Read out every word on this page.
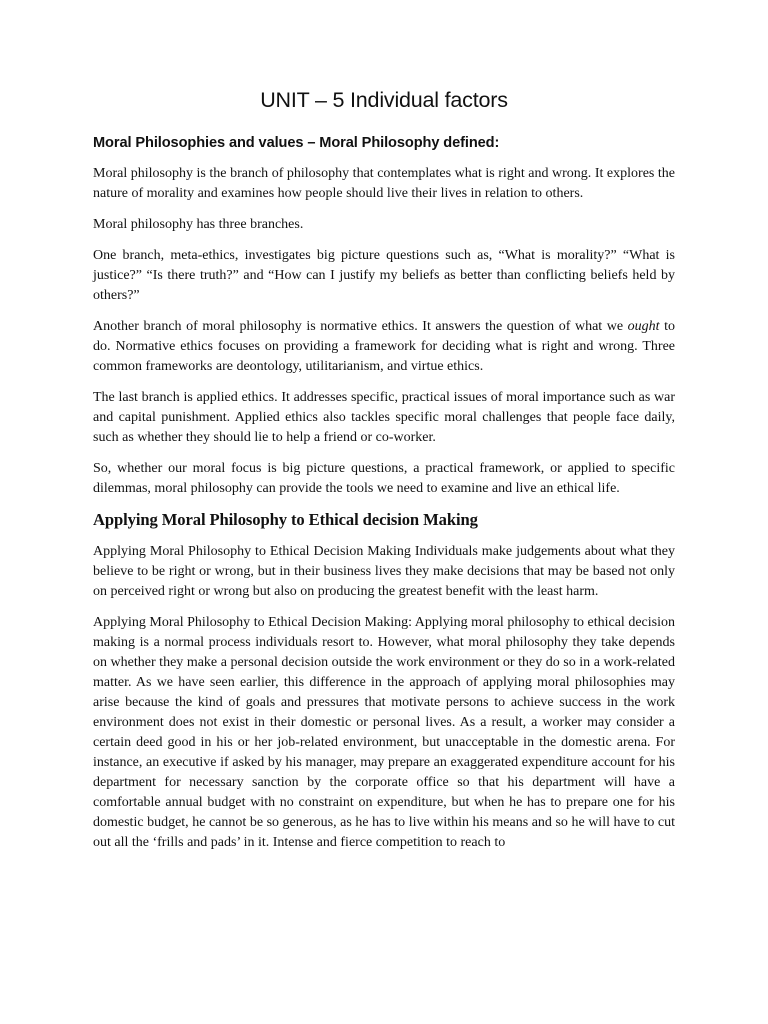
UNIT – 5 Individual factors
Moral Philosophies and values – Moral Philosophy defined:

Moral philosophy is the branch of philosophy that contemplates what is right and wrong. It explores the nature of morality and examines how people should live their lives in relation to others.

Moral philosophy has three branches.

One branch, meta-ethics, investigates big picture questions such as, “What is morality?” “What is justice?” “Is there truth?” and “How can I justify my beliefs as better than conflicting beliefs held by others?”

Another branch of moral philosophy is normative ethics. It answers the question of what we ought to do. Normative ethics focuses on providing a framework for deciding what is right and wrong. Three common frameworks are deontology, utilitarianism, and virtue ethics.

The last branch is applied ethics. It addresses specific, practical issues of moral importance such as war and capital punishment. Applied ethics also tackles specific moral challenges that people face daily, such as whether they should lie to help a friend or co-worker.

So, whether our moral focus is big picture questions, a practical framework, or applied to specific dilemmas, moral philosophy can provide the tools we need to examine and live an ethical life.

Applying Moral Philosophy to Ethical decision Making

Applying Moral Philosophy to Ethical Decision Making Individuals make judgements about what they believe to be right or wrong, but in their business lives they make decisions that may be based not only on perceived right or wrong but also on producing the greatest benefit with the least harm.

Applying Moral Philosophy to Ethical Decision Making: Applying moral philosophy to ethical decision making is a normal process individuals resort to. However, what moral philosophy they take depends on whether they make a personal decision outside the work environment or they do so in a work-related matter. As we have seen earlier, this difference in the approach of applying moral philosophies may arise because the kind of goals and pressures that motivate persons to achieve success in the work environment does not exist in their domestic or personal lives. As a result, a worker may consider a certain deed good in his or her job-related environment, but unacceptable in the domestic arena. For instance, an executive if asked by his manager, may prepare an exaggerated expenditure account for his department for necessary sanction by the corporate office so that his department will have a comfortable annual budget with no constraint on expenditure, but when he has to prepare one for his domestic budget, he cannot be so generous, as he has to live within his means and so he will have to cut out all the ‘frills and pads’ in it. Intense and fierce competition to reach to
